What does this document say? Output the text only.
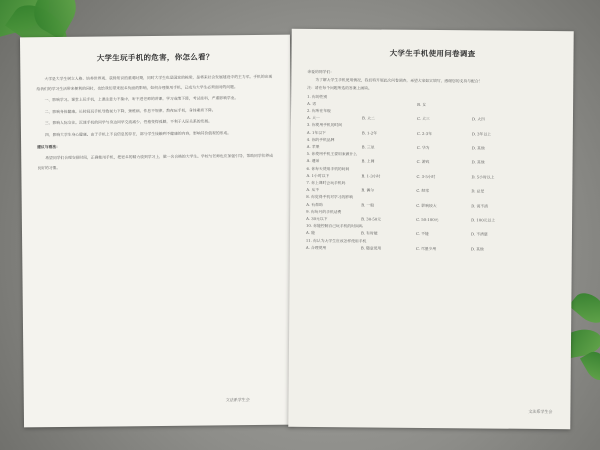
大学生玩手机的危害，你怎么看？
大学是大学生树立人格、培养世界观、获得知识的重要时期，同时大学生也是国家的栋梁，是将来社会发展建设中的主力军。手机的出现给我们的学习生活带来便利的同时，也给我们带来很多负面的影响，如何合理使用手机，已成为大学生必须面对的问题。
一、影响学习。课堂上玩手机，上课注意力不集中，听不进老师的讲课，学习成绩下降，考试挂科，严重影响学业。
二、影响身体健康。长时间玩手机导致视力下降，颈椎病，作息不规律，熬夜玩手机，身体素质下降。
三、影响人际交往。沉迷手机的同学与身边同学交流减少，性格变得孤僻，不利于人际关系的发展。
四、影响大学生身心健康。由于手机上不良信息的存在，部分学生接触到不健康的内容，影响其价值观的形成。
建议与看法：
希望同学们合理安排时间，正确使用手机，把更多的精力放到学习上，做一名合格的大学生。学校与老师也应加强引导，帮助同学们养成良好的习惯。
文法系学生会
大学生手机使用问卷调查
亲爱的同学们：
为了解大学生手机使用情况，我们特开展此次问卷调查，希望大家如实填写，感谢您的支持与配合！
注：请在每个问题所选的答案上画钩。
1. 你的性别
A. 男	B. 女
2. 你所在年级
A. 大一	B. 大二	C. 大三	D. 大四
3. 你使用手机的时间
A. 1年以下	B. 1-2年	C. 2-3年	D. 3年以上
4. 你的手机品牌
A. 苹果	B. 三星	C. 华为	D. 其他
5. 你使用手机主要用来做什么
A. 通话	B. 上网	C. 游戏	D. 其他
6. 你每天使用手机的时间
A. 1小时以下	B. 1-3小时	C. 3-5小时	D. 5小时以上
7. 你上课时会玩手机吗
A. 从不	B. 偶尔	C. 经常	D. 总是
8. 你觉得手机对学习的影响
A. 有帮助	B. 一般	C. 影响较大	D. 说不清
9. 你每月的手机话费
A. 30元以下	B. 30-50元	C. 50-100元	D. 100元以上
10. 你能控制自己玩手机的时间吗
A. 能	B. 有时能	C. 不能	D. 不清楚
11. 你认为大学生应该怎样使用手机
A. 合理使用	B. 随意使用	C. 尽量少用	D. 其他
文法系学生会
